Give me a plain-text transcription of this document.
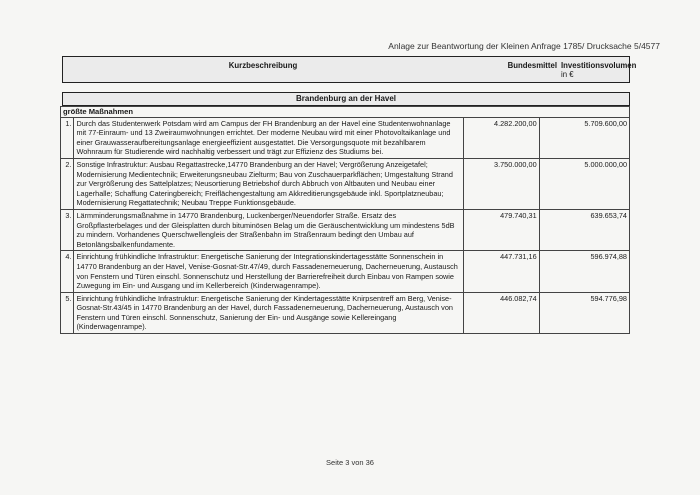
Anlage zur Beantwortung der Kleinen Anfrage 1785/ Drucksache 5/4577
Kurzbeschreibung	Bundesmittel Investitionsvolumen
in €
Brandenburg an der Havel
größte Maßnahmen			
1.	Durch das Studentenwerk Potsdam wird am Campus der FH Brandenburg an der Havel eine Studentenwohnanlage mit 77-Einraum- und 13 Zweiraumwohnungen errichtet. Der moderne Neubau wird mit einer Photovoltaikanlage und einer Grauwasseraufbereitungsanlage energieeffizient ausgestattet. Die Versorgungsquote mit bezahlbarem Wohnraum für Studierende wird nachhaltig verbessert und trägt zur Effizienz des Studiums bei.	4.282.200,00	5.709.600,00
2.	Sonstige Infrastruktur: Ausbau Regattastrecke,14770 Brandenburg an der Havel; Vergrößerung Anzeigetafel; Modernisierung Medientechnik; Erweiterungsneubau Zielturm; Bau von Zuschauerparkflächen; Umgestaltung Strand zur Vergrößerung des Sattelplatzes; Neusortierung Betriebshof durch Abbruch von Altbauten und Neubau einer Lagerhalle; Schaffung Cateringbereich; Freiflächengestaltung am Akkreditierungsgebäude inkl. Sportplatzneubau; Modernisierung Regattatechnik; Neubau Treppe Funktionsgebäude.	3.750.000,00	5.000.000,00
3.	Lärmminderungsmaßnahme in 14770 Brandenburg, Luckenberger/Neuendorfer Straße. Ersatz des Großpflasterbelages und der Gleisplatten durch bituminösen Belag um die Geräuschentwicklung um mindestens 5dB zu mindern. Vorhandenes Querschwellengleis der Straßenbahn im Straßenraum bedingt den Umbau auf Betonlängsbalkenfundamente.	479.740,31	639.653,74
4.	Einrichtung frühkindliche Infrastruktur: Energetische Sanierung der Integrationskindertagesstätte Sonnenschein in 14770 Brandenburg an der Havel, Venise-Gosnat-Str.47/49, durch Fassadenerneuerung, Dacherneuerung, Austausch von Fenstern und Türen einschl. Sonnenschutz und Herstellung der Barrierefreiheit durch Einbau von Rampen sowie Zuwegung im Ein- und Ausgang und im Kellerbereich (Kinderwagenrampe).	447.731,16	596.974,88
5.	Einrichtung frühkindliche Infrastruktur: Energetische Sanierung der Kindertagesstätte Knirpsentreff am Berg, Venise-Gosnat-Str.43/45 in 14770 Brandenburg an der Havel, durch Fassadenerneuerung, Dacherneuerung, Austausch von Fenstern und Türen einschl. Sonnenschutz, Sanierung der Ein- und Ausgänge sowie Kellereingang (Kinderwagenrampe).	446.082,74	594.776,98
Seite 3 von 36
